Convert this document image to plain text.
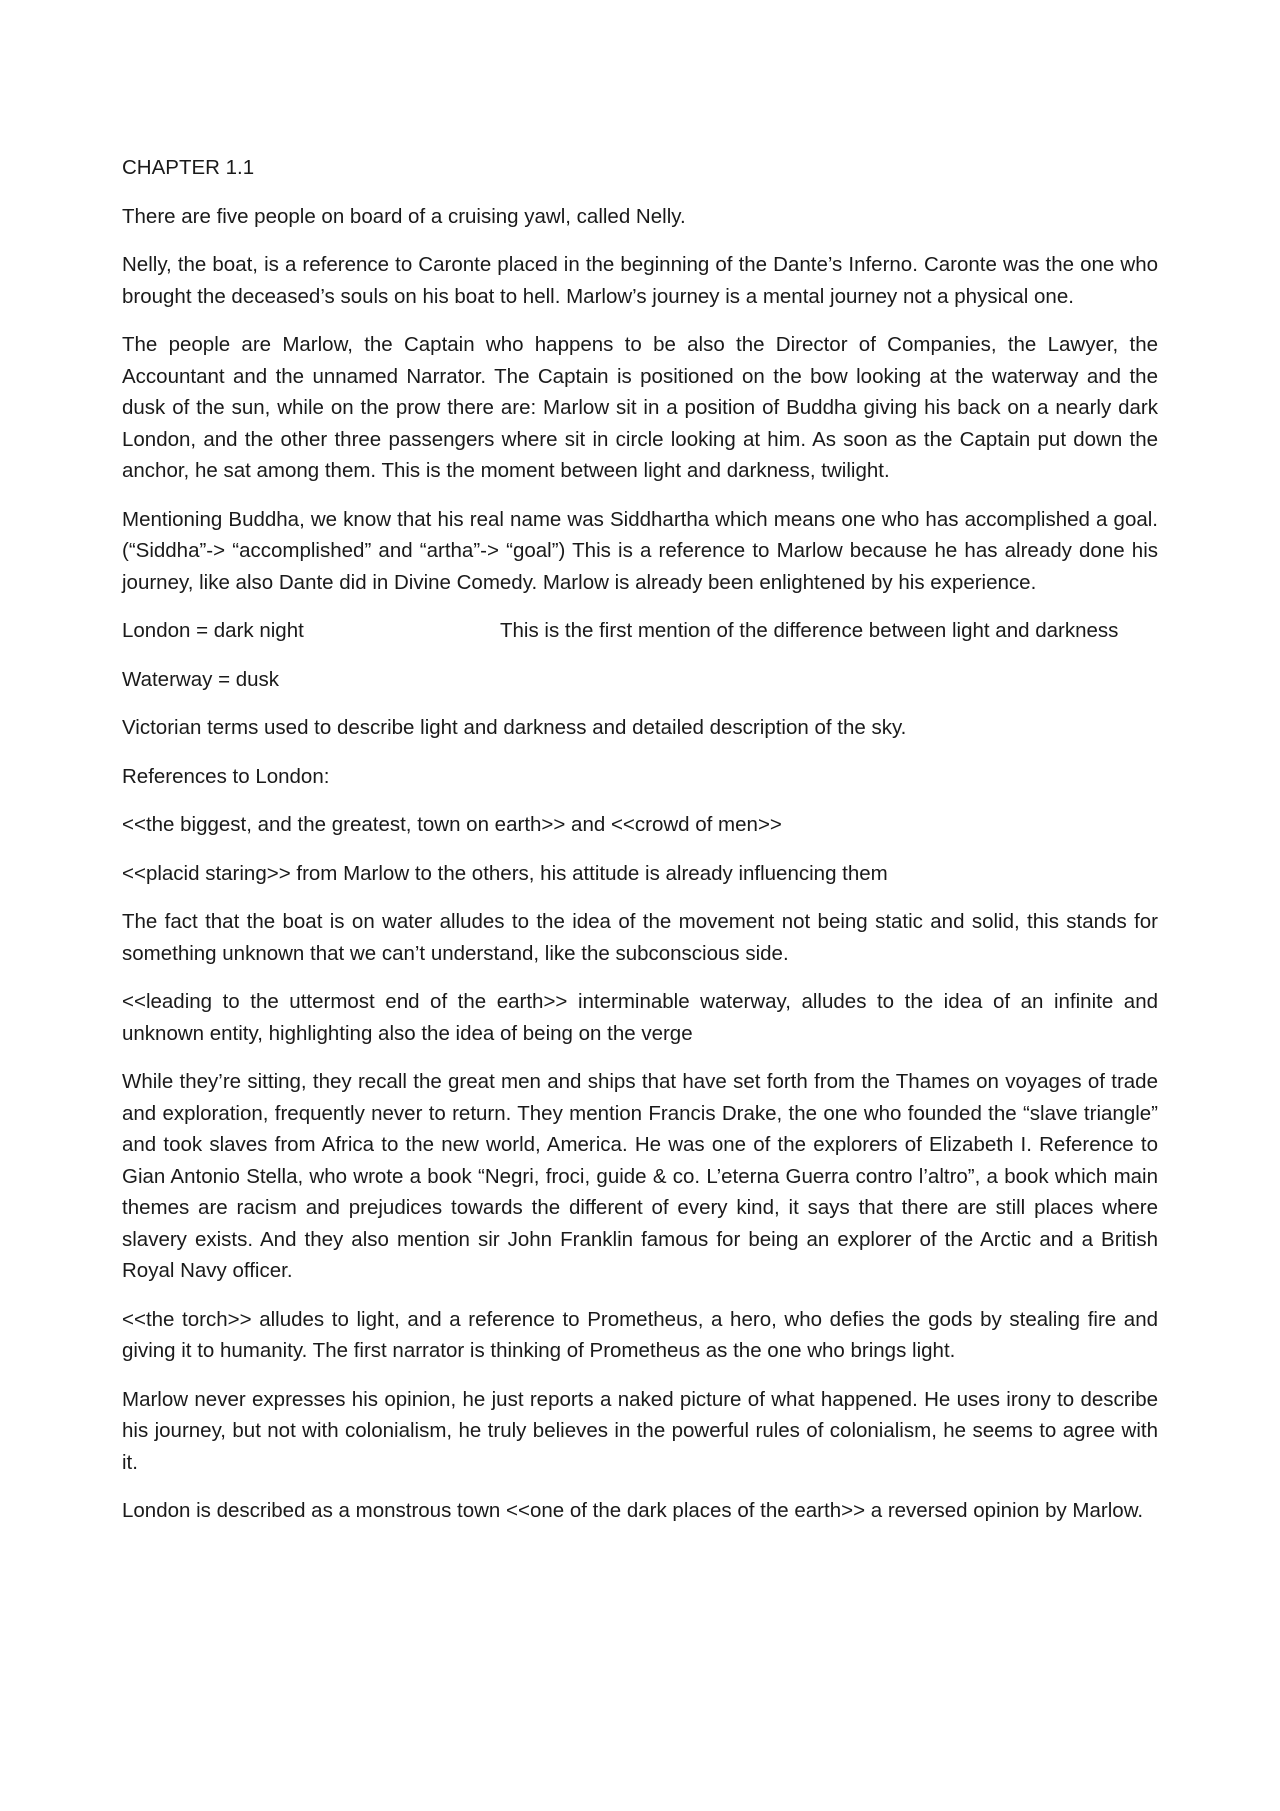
CHAPTER 1.1

There are five people on board of a cruising yawl, called Nelly.

Nelly, the boat, is a reference to Caronte placed in the beginning of the Dante’s Inferno. Caronte was the one who brought the deceased’s souls on his boat to hell. Marlow’s journey is a mental journey not a physical one.

The people are Marlow, the Captain who happens to be also the Director of Companies, the Lawyer, the Accountant and the unnamed Narrator. The Captain is positioned on the bow looking at the waterway and the dusk of the sun, while on the prow there are: Marlow sit in a position of Buddha giving his back on a nearly dark London, and the other three passengers where sit in circle looking at him. As soon as the Captain put down the anchor, he sat among them. This is the moment between light and darkness, twilight.

Mentioning Buddha, we know that his real name was Siddhartha which means one who has accomplished a goal. (“Siddha”-> “accomplished” and “artha”-> “goal”) This is a reference to Marlow because he has already done his journey, like also Dante did in Divine Comedy. Marlow is already been enlightened by his experience.

London = dark night	This is the first mention of the difference between light and darkness

Waterway = dusk

Victorian terms used to describe light and darkness and detailed description of the sky.

References to London:

<<the biggest, and the greatest, town on earth>> and <<crowd of men>>

<<placid staring>> from Marlow to the others, his attitude is already influencing them

The fact that the boat is on water alludes to the idea of the movement not being static and solid, this stands for something unknown that we can’t understand, like the subconscious side.

<<leading to the uttermost end of the earth>> interminable waterway, alludes to the idea of an infinite and unknown entity, highlighting also the idea of being on the verge

While they’re sitting, they recall the great men and ships that have set forth from the Thames on voyages of trade and exploration, frequently never to return. They mention Francis Drake, the one who founded the “slave triangle” and took slaves from Africa to the new world, America. He was one of the explorers of Elizabeth I. Reference to Gian Antonio Stella, who wrote a book “Negri, froci, guide & co. L’eterna Guerra contro l’altro”, a book which main themes are racism and prejudices towards the different of every kind, it says that there are still places where slavery exists. And they also mention sir John Franklin famous for being an explorer of the Arctic and a British Royal Navy officer.

<<the torch>> alludes to light, and a reference to Prometheus, a hero, who defies the gods by stealing fire and giving it to humanity. The first narrator is thinking of Prometheus as the one who brings light.

Marlow never expresses his opinion, he just reports a naked picture of what happened. He uses irony to describe his journey, but not with colonialism, he truly believes in the powerful rules of colonialism, he seems to agree with it.

London is described as a monstrous town <<one of the dark places of the earth>> a reversed opinion by Marlow.
